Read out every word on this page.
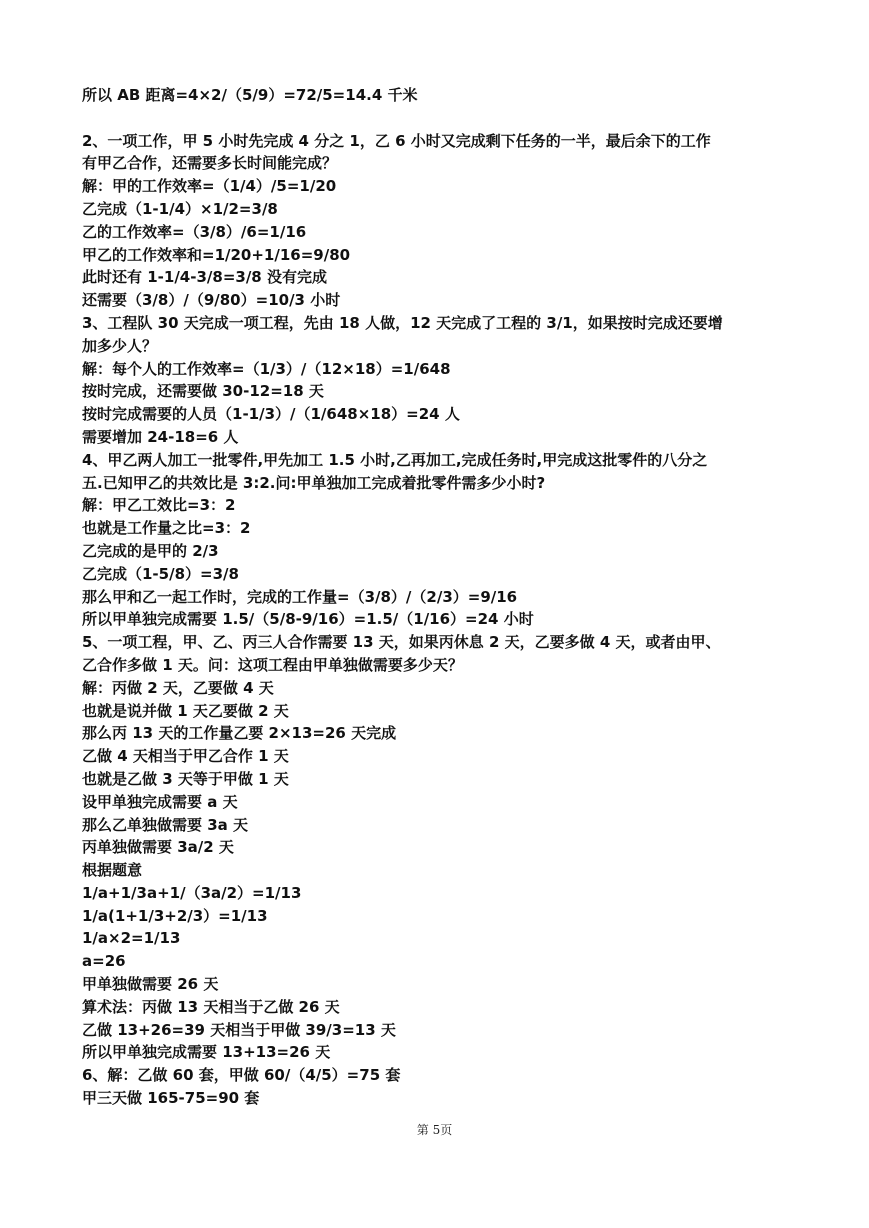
所以 AB 距离=4×2/（5/9）=72/5=14.4 千米

2、一项工作，甲 5 小时先完成 4 分之 1，乙 6 小时又完成剩下任务的一半，最后余下的工作

有甲乙合作，还需要多长时间能完成？

解：甲的工作效率=（1/4）/5=1/20

乙完成（1-1/4）×1/2=3/8

乙的工作效率=（3/8）/6=1/16

甲乙的工作效率和=1/20+1/16=9/80

此时还有 1-1/4-3/8=3/8 没有完成

还需要（3/8）/（9/80）=10/3 小时

3、工程队 30 天完成一项工程，先由 18 人做，12 天完成了工程的 3/1，如果按时完成还要增

加多少人？

解：每个人的工作效率=（1/3）/（12×18）=1/648

按时完成，还需要做 30-12=18 天

按时完成需要的人员（1-1/3）/（1/648×18）=24 人

需要增加 24-18=6 人

4、甲乙两人加工一批零件,甲先加工 1.5 小时,乙再加工,完成任务时,甲完成这批零件的八分之

五.已知甲乙的共效比是 3:2.问:甲单独加工完成着批零件需多少小时?

解：甲乙工效比=3：2

也就是工作量之比=3：2

乙完成的是甲的 2/3

乙完成（1-5/8）=3/8

那么甲和乙一起工作时，完成的工作量=（3/8）/（2/3）=9/16

所以甲单独完成需要 1.5/（5/8-9/16）=1.5/（1/16）=24 小时

5、一项工程，甲、乙、丙三人合作需要 13 天，如果丙休息 2 天，乙要多做 4 天，或者由甲、

乙合作多做 1 天。问：这项工程由甲单独做需要多少天？

解：丙做 2 天，乙要做 4 天

也就是说并做 1 天乙要做 2 天

那么丙 13 天的工作量乙要 2×13=26 天完成

乙做 4 天相当于甲乙合作 1 天

也就是乙做 3 天等于甲做 1 天

设甲单独完成需要 a 天

那么乙单独做需要 3a 天

丙单独做需要 3a/2 天

根据题意

1/a+1/3a+1/（3a/2）=1/13

1/a(1+1/3+2/3）=1/13

1/a×2=1/13

a=26

甲单独做需要 26 天

算术法：丙做 13 天相当于乙做 26 天

乙做 13+26=39 天相当于甲做 39/3=13 天

所以甲单独完成需要 13+13=26 天

6、解：乙做 60 套，甲做 60/（4/5）=75 套

甲三天做 165-75=90 套

第 5页
